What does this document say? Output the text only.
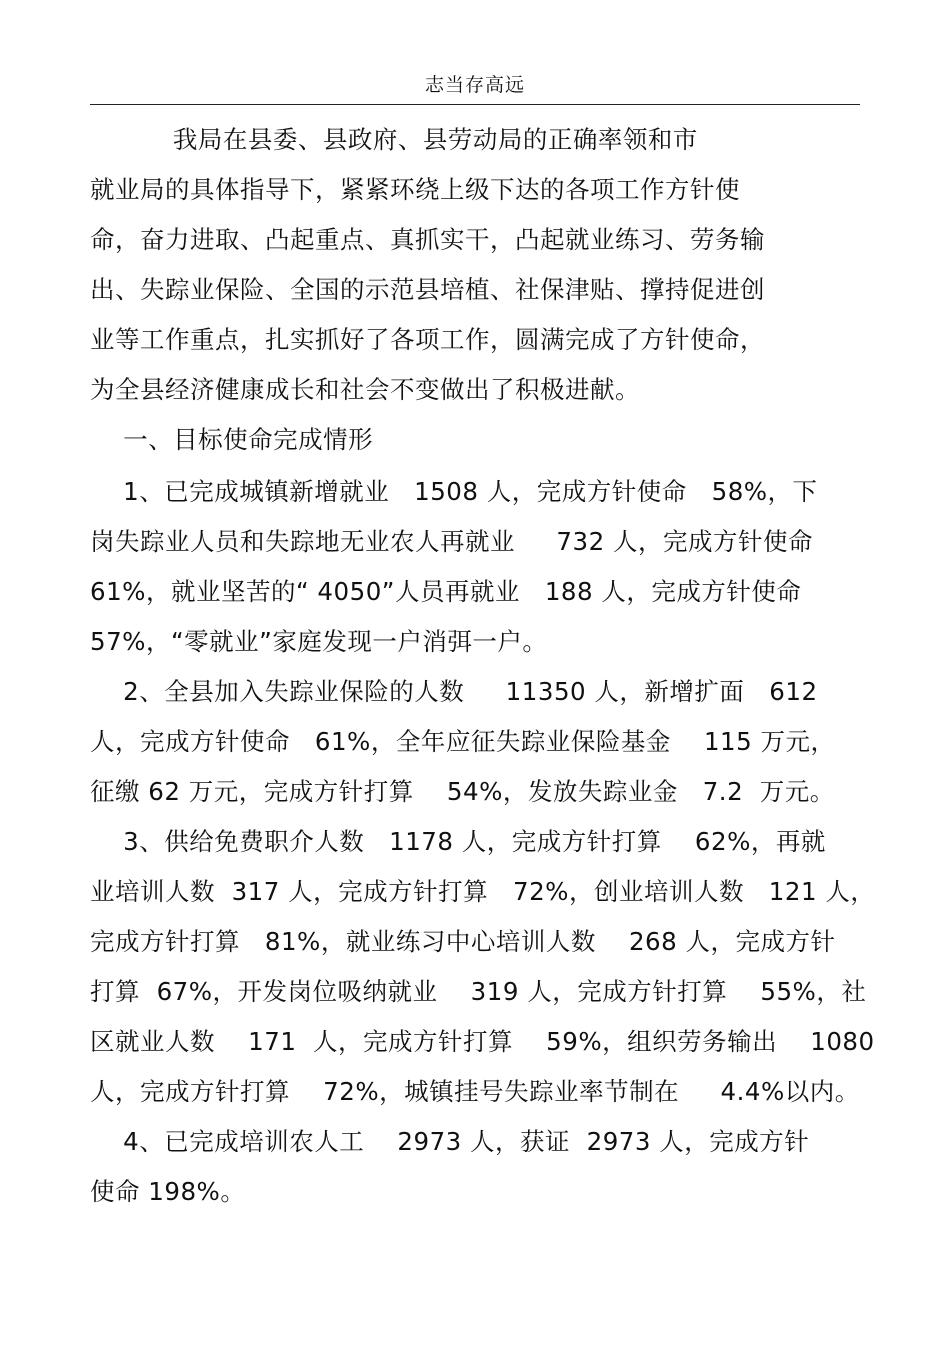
志当存高远
我局在县委、县政府、县劳动局的正确率领和市
就业局的具体指导下，紧紧环绕上级下达的各项工作方针使
命，奋力进取、凸起重点、真抓实干，凸起就业练习、劳务输
出、失踪业保险、全国的示范县培植、社保津贴、撑持促进创
业等工作重点，扎实抓好了各项工作，圆满完成了方针使命，
为全县经济健康成长和社会不变做出了积极进献。
一、目标使命完成情形
1、已完成城镇新增就业   1508 人，完成方针使命   58%，下
岗失踪业人员和失踪地无业农人再就业     732 人，完成方针使命
61%，就业坚苦的“ 4050”人员再就业   188 人，完成方针使命
57%，“零就业”家庭发现一户消弭一户。
2、全县加入失踪业保险的人数     11350 人，新增扩面   612
人，完成方针使命   61%，全年应征失踪业保险基金    115 万元，
征缴 62 万元，完成方针打算    54%，发放失踪业金   7.2  万元。
3、供给免费职介人数   1178 人，完成方针打算    62%，再就
业培训人数  317 人，完成方针打算   72%，创业培训人数   121 人，
完成方针打算   81%，就业练习中心培训人数    268 人，完成方针
打算  67%，开发岗位吸纳就业    319 人，完成方针打算    55%，社
区就业人数    171  人，完成方针打算    59%，组织劳务输出    1080
人，完成方针打算    72%，城镇挂号失踪业率节制在     4.4%以内。
4、已完成培训农人工    2973 人，获证  2973 人，完成方针
使命 198%。
